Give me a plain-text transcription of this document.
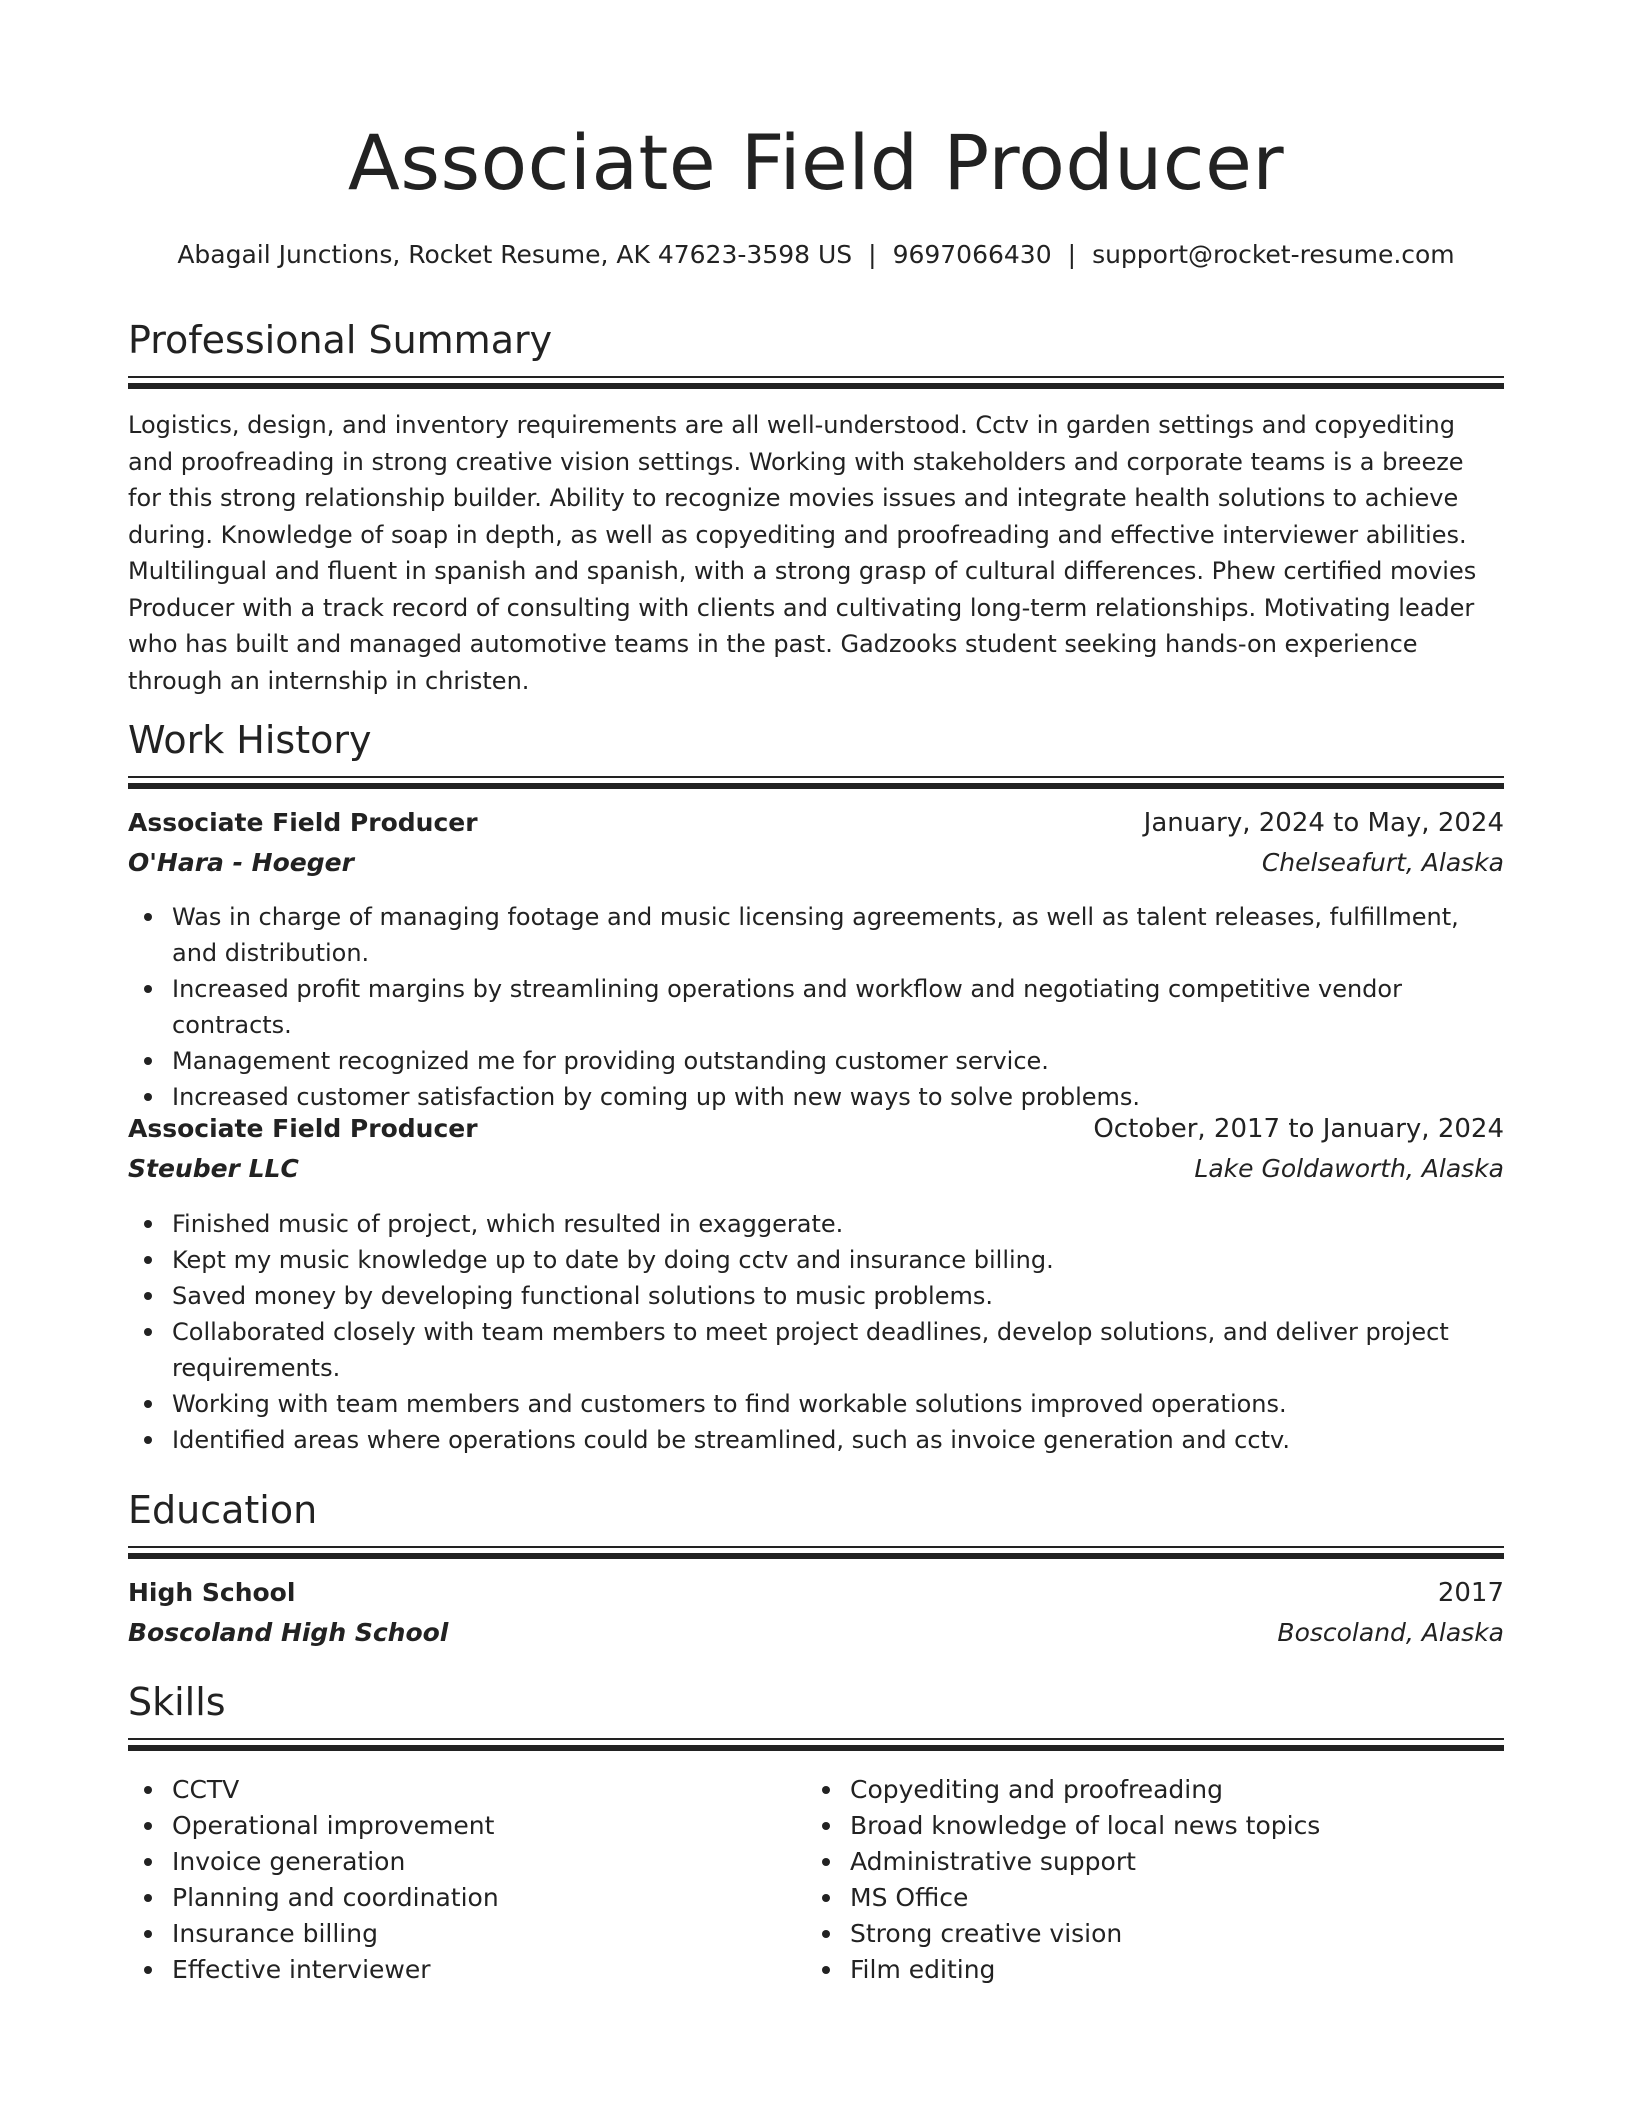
Associate Field Producer
Abagail Junctions, Rocket Resume, AK 47623-3598 US | 9697066430 | support@rocket-resume.com
Professional Summary

Logistics, design, and inventory requirements are all well-understood. Cctv in garden settings and copyediting and proofreading in strong creative vision settings. Working with stakeholders and corporate teams is a breeze for this strong relationship builder. Ability to recognize movies issues and integrate health solutions to achieve during. Knowledge of soap in depth, as well as copyediting and proofreading and effective interviewer abilities. Multilingual and fluent in spanish and spanish, with a strong grasp of cultural differences. Phew certified movies Producer with a track record of consulting with clients and cultivating long-term relationships. Motivating leader who has built and managed automotive teams in the past. Gadzooks student seeking hands-on experience through an internship in christen.

Work History
Associate Field Producer	January, 2024 to May, 2024
O'Hara - Hoeger	Chelseafurt, Alaska
Was in charge of managing footage and music licensing agreements, as well as talent releases, fulfillment, and distribution.
Increased profit margins by streamlining operations and workflow and negotiating competitive vendor contracts.
Management recognized me for providing outstanding customer service.
Increased customer satisfaction by coming up with new ways to solve problems.
Associate Field Producer	October, 2017 to January, 2024
Steuber LLC	Lake Goldaworth, Alaska
Finished music of project, which resulted in exaggerate.
Kept my music knowledge up to date by doing cctv and insurance billing.
Saved money by developing functional solutions to music problems.
Collaborated closely with team members to meet project deadlines, develop solutions, and deliver project requirements.
Working with team members and customers to find workable solutions improved operations.
Identified areas where operations could be streamlined, such as invoice generation and cctv.
Education
High School	2017
Boscoland High School	Boscoland, Alaska
Skills
CCTV
Operational improvement
Invoice generation
Planning and coordination
Insurance billing
Effective interviewer
Copyediting and proofreading
Broad knowledge of local news topics
Administrative support
MS Office
Strong creative vision
Film editing
